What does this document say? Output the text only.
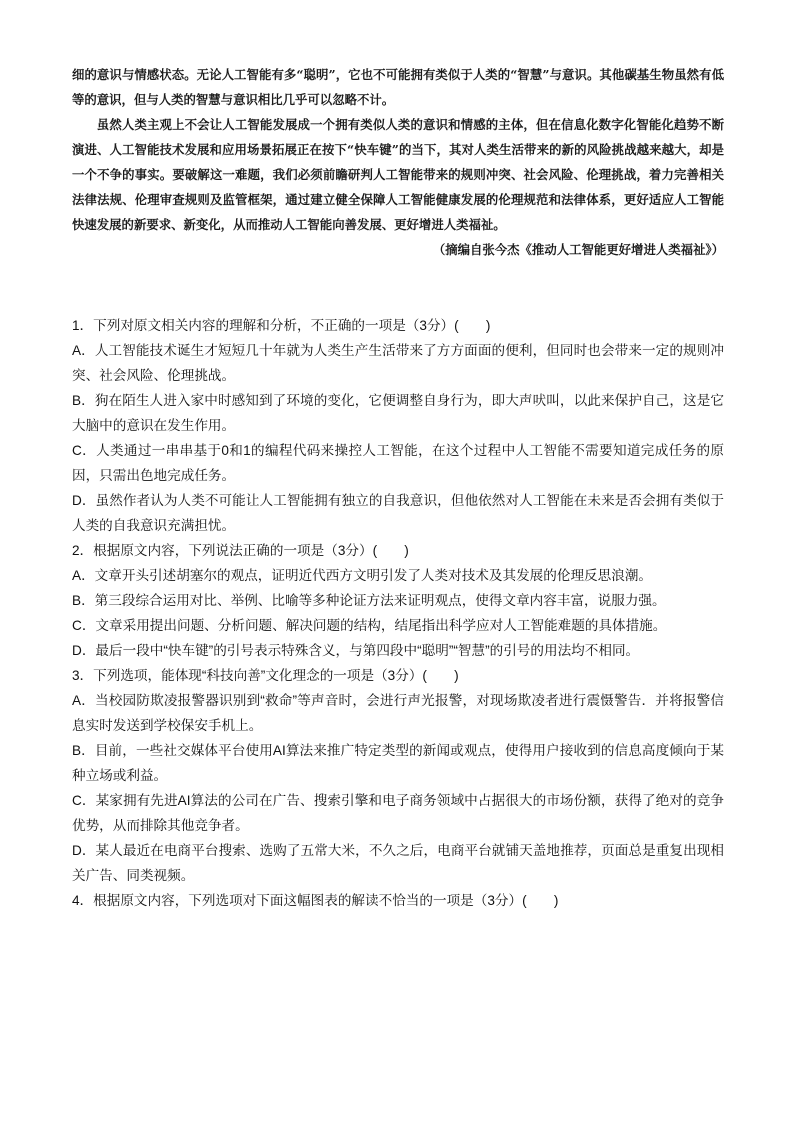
细的意识与情感状态。无论人工智能有多“聪明”，它也不可能拥有类似于人类的“智慧”与意识。其他碳基生物虽然有低等的意识，但与人类的智慧与意识相比几乎可以忽略不计。

虽然人类主观上不会让人工智能发展成一个拥有类似人类的意识和情感的主体，但在信息化数字化智能化趋势不断演进、人工智能技术发展和应用场景拓展正在按下“快车键”的当下，其对人类生活带来的新的风险挑战越来越大，却是一个不争的事实。要破解这一难题，我们必须前瞻研判人工智能带来的规则冲突、社会风险、伦理挑战，着力完善相关法律法规、伦理审查规则及监管框架，通过建立健全保障人工智能健康发展的伦理规范和法律体系，更好适应人工智能快速发展的新要求、新变化，从而推动人工智能向善发展、更好增进人类福祉。

（摘编自张今杰《推动人工智能更好增进人类福祉》）

1．下列对原文相关内容的理解和分析，不正确的一项是（3分）(　　)

A．人工智能技术诞生才短短几十年就为人类生产生活带来了方方面面的便利，但同时也会带来一定的规则冲突、社会风险、伦理挑战。

B．狗在陌生人进入家中时感知到了环境的变化，它便调整自身行为，即大声吠叫，以此来保护自己，这是它大脑中的意识在发生作用。

C．人类通过一串串基于0和1的编程代码来操控人工智能，在这个过程中人工智能不需要知道完成任务的原因，只需出色地完成任务。

D．虽然作者认为人类不可能让人工智能拥有独立的自我意识，但他依然对人工智能在未来是否会拥有类似于人类的自我意识充满担忧。

2．根据原文内容，下列说法正确的一项是（3分）(　　)

A．文章开头引述胡塞尔的观点，证明近代西方文明引发了人类对技术及其发展的伦理反思浪潮。

B．第三段综合运用对比、举例、比喻等多种论证方法来证明观点，使得文章内容丰富，说服力强。

C．文章采用提出问题、分析问题、解决问题的结构，结尾指出科学应对人工智能难题的具体措施。

D．最后一段中“快车键”的引号表示特殊含义，与第四段中“聪明”“智慧”的引号的用法均不相同。

3．下列选项，能体现“科技向善”文化理念的一项是（3分）(　　)

A．当校园防欺凌报警器识别到“救命”等声音时，会进行声光报警，对现场欺凌者进行震慑警告．并将报警信息实时发送到学校保安手机上。

B．目前，一些社交媒体平台使用AI算法来推广特定类型的新闻或观点，使得用户接收到的信息高度倾向于某种立场或利益。

C．某家拥有先进AI算法的公司在广告、搜索引擎和电子商务领域中占据很大的市场份额，获得了绝对的竞争优势，从而排除其他竞争者。

D．某人最近在电商平台搜索、选购了五常大米，不久之后，电商平台就铺天盖地推荐，页面总是重复出现相关广告、同类视频。

4．根据原文内容，下列选项对下面这幅图表的解读不恰当的一项是（3分）(　　)
